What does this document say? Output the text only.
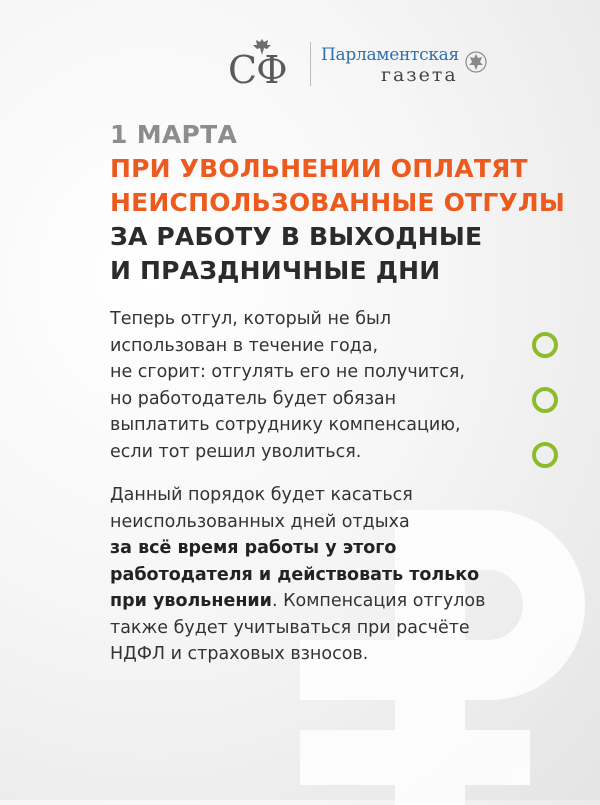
СФ Парламентская
газета
1 МАРТА
ПРИ УВОЛЬНЕНИИ ОПЛАТЯТ
НЕИСПОЛЬЗОВАННЫЕ ОТГУЛЫ
ЗА РАБОТУ В ВЫХОДНЫЕ
И ПРАЗДНИЧНЫЕ ДНИ
Теперь отгул, который не был
использован в течение года,
не сгорит: отгулять его не получится,
но работодатель будет обязан
выплатить сотруднику компенсацию,
если тот решил уволиться.
Данный порядок будет касаться
неиспользованных дней отдыха
за всё время работы у этого
работодателя и действовать только
при увольнении. Компенсация отгулов
также будет учитываться при расчёте
НДФЛ и страховых взносов.
